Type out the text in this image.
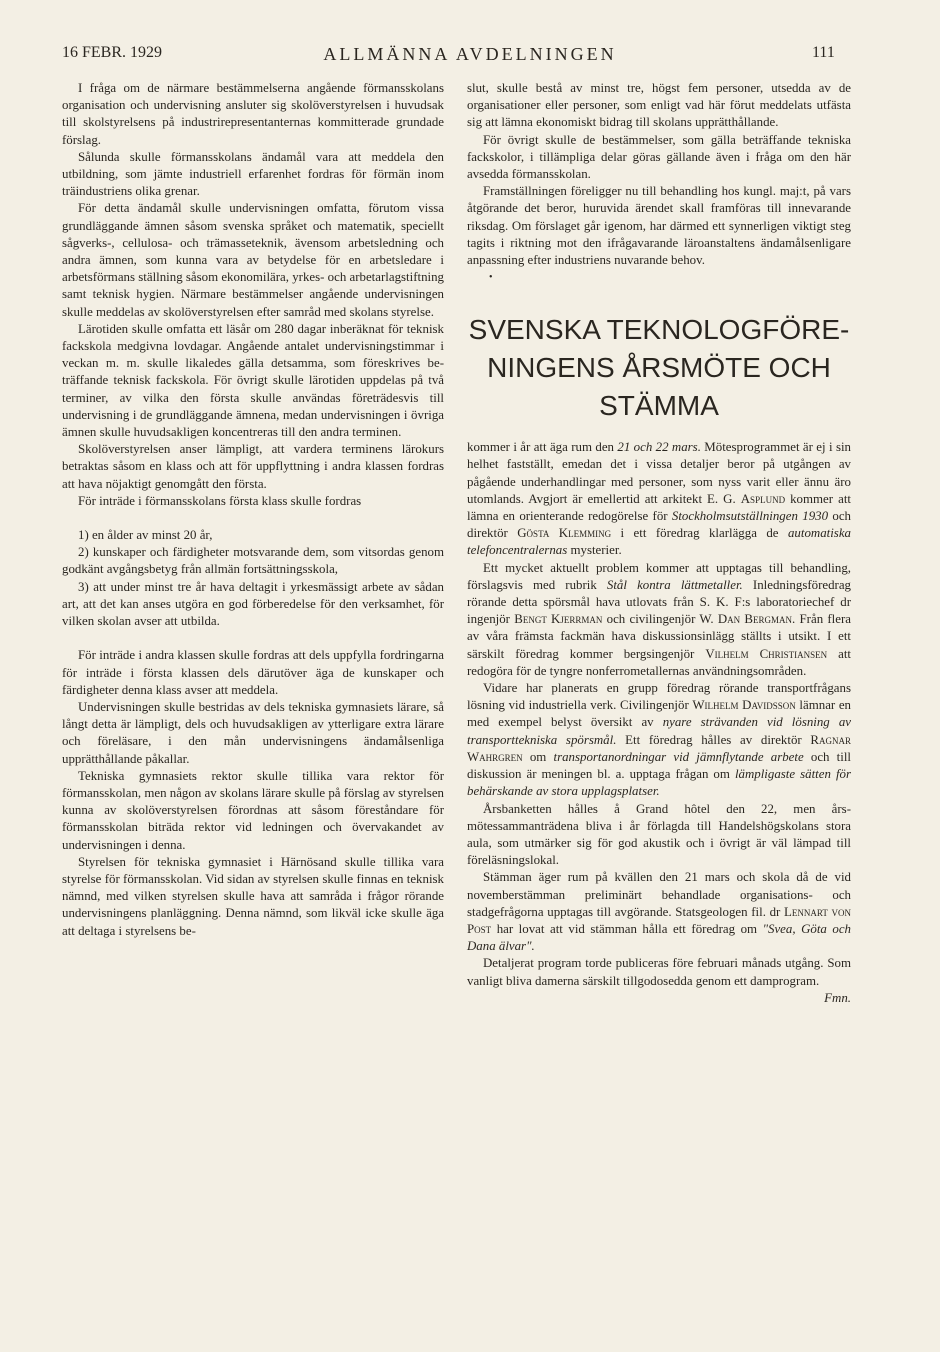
16 FEBR. 1929	ALLMÄNNA AVDELNINGEN	111

I fråga om de närmare bestämmelserna angående förmansskolans organisation och undervisning ansluter sig skolöverstyrelsen i huvudsak till skolstyrelsens på industrirepresentanternas kommitterade grundade förslag.

Sålunda skulle förmansskolans ändamål vara att meddela den utbildning, som jämte industriell erfarenhet fordras för förmän inom träindustriens olika grenar.

För detta ändamål skulle undervisningen omfatta, förutom vissa grundläggande ämnen såsom svenska språket och matematik, speciellt sågverks-, cellulosa- och trämasseteknik, ävensom arbetsledning och andra ämnen, som kunna vara av betydelse för en arbetsledare i arbetsförmans ställning såsom ekonomilära, yrkes- och arbetarlagstiftning samt teknisk hygien. Närmare bestämmelser angående undervisningen skulle meddelas av skolöverstyrelsen efter samråd med skolans styrelse.

Lärotiden skulle omfatta ett läsår om 280 dagar inberäknat för teknisk fackskola medgivna lovdagar. Angående antalet undervisningstimmar i veckan m. m. skulle likaledes gälla detsamma, som föreskrives beträffande teknisk fackskola. För övrigt skulle lärotiden uppdelas på två terminer, av vilka den första skulle användas företrädesvis till undervisning i de grundläggande ämnena, medan undervisningen i övriga ämnen skulle huvudsakligen koncentreras till den andra terminen.

Skolöverstyrelsen anser lämpligt, att vardera terminens lärokurs betraktas såsom en klass och att för uppflyttning i andra klassen fordras att hava nöjaktigt genomgått den första.

För inträde i förmansskolans första klass skulle fordras

1) en ålder av minst 20 år,

2) kunskaper och färdigheter motsvarande dem, som vitsordas genom godkänt avgångsbetyg från allmän fortsättningsskola,

3) att under minst tre år hava deltagit i yrkesmässigt arbete av sådan art, att det kan anses utgöra en god förberedelse för den verksamhet, för vilken skolan avser att utbilda.

För inträde i andra klassen skulle fordras att dels uppfylla fordringarna för inträde i första klassen dels därutöver äga de kunskaper och färdigheter denna klass avser att meddela.

Undervisningen skulle bestridas av dels tekniska gymnasiets lärare, så långt detta är lämpligt, dels och huvudsakligen av ytterligare extra lärare och föreläsare, i den mån undervisningens ändamålsenliga upprätthållande påkallar.

Tekniska gymnasiets rektor skulle tillika vara rektor för förmansskolan, men någon av skolans lärare skulle på förslag av styrelsen kunna av skolöverstyrelsen förordnas att såsom föreståndare för förmansskolan biträda rektor vid ledningen och övervakandet av undervisningen i denna.

Styrelsen för tekniska gymnasiet i Härnösand skulle tillika vara styrelse för förmansskolan. Vid sidan av styrelsen skulle finnas en teknisk nämnd, med vilken styrelsen skulle hava att samråda i frågor rörande undervisningens planläggning. Denna nämnd, som likväl icke skulle äga att deltaga i styrelsens be-

slut, skulle bestå av minst tre, högst fem personer, utsedda av de organisationer eller personer, som enligt vad här förut meddelats utfästa sig att lämna ekonomiskt bidrag till skolans upprätthållande.

För övrigt skulle de bestämmelser, som gälla beträffande tekniska fackskolor, i tillämpliga delar göras gällande även i fråga om den här avsedda förmansskolan.

Framställningen föreligger nu till behandling hos kungl. maj:t, på vars åtgörande det beror, huruvida ärendet skall framföras till innevarande riksdag. Om förslaget går igenom, har därmed ett synnerligen viktigt steg tagits i riktning mot den ifrågavarande läroanstaltens ändamålsenligare anpassning efter industriens nuvarande behov.

•
SVENSKA TEKNOLOGFÖRE-
NINGENS ÅRSMÖTE OCH
STÄMMA

kommer i år att äga rum den 21 och 22 mars. Mötesprogrammet är ej i sin helhet fastställt, emedan det i vissa detaljer beror på utgången av pågående underhandlingar med personer, som nyss varit eller ännu äro utomlands. Avgjort är emellertid att arkitekt E. G. Asplund kommer att lämna en orienterande redogörelse för Stockholmsutställningen 1930 och direktör Gösta Klemming i ett föredrag klarlägga de automatiska telefoncentralernas mysterier.

Ett mycket aktuellt problem kommer att upptagas till behandling, förslagsvis med rubrik Stål kontra lättmetaller. Inledningsföredrag rörande detta spörsmål hava utlovats från S. K. F:s laboratoriechef dr ingenjör Bengt Kjerrman och civilingenjör W. Dan Bergman. Från flera av våra främsta fackmän hava diskussionsinlägg ställts i utsikt. I ett särskilt föredrag kommer bergsingenjör Vilhelm Christiansen att redogöra för de tyngre nonferrometallernas användningsområden.

Vidare har planerats en grupp föredrag rörande transportfrågans lösning vid industriella verk. Civilingenjör Wilhelm Davidsson lämnar en med exempel belyst översikt av nyare strävanden vid lösning av transporttekniska spörsmål. Ett föredrag hålles av direktör Ragnar Wahrgren om transportanordningar vid jämnflytande arbete och till diskussion är meningen bl. a. upptaga frågan om lämpligaste sätten för behärskande av stora upplagsplatser.

Årsbanketten hålles å Grand hôtel den 22, men årsmötessammanträdena bliva i år förlagda till Handelshögskolans stora aula, som utmärker sig för god akustik och i övrigt är väl lämpad till föreläsningslokal.

Stämman äger rum på kvällen den 21 mars och skola då de vid novemberstämman preliminärt behandlade organisations- och stadgefrågorna upptagas till avgörande. Statsgeologen fil. dr Lennart von Post har lovat att vid stämman hålla ett föredrag om "Svea, Göta och Dana älvar".

Detaljerat program torde publiceras före februari månads utgång. Som vanligt bliva damerna särskilt tillgodosedda genom ett damprogram.

Fmn.
